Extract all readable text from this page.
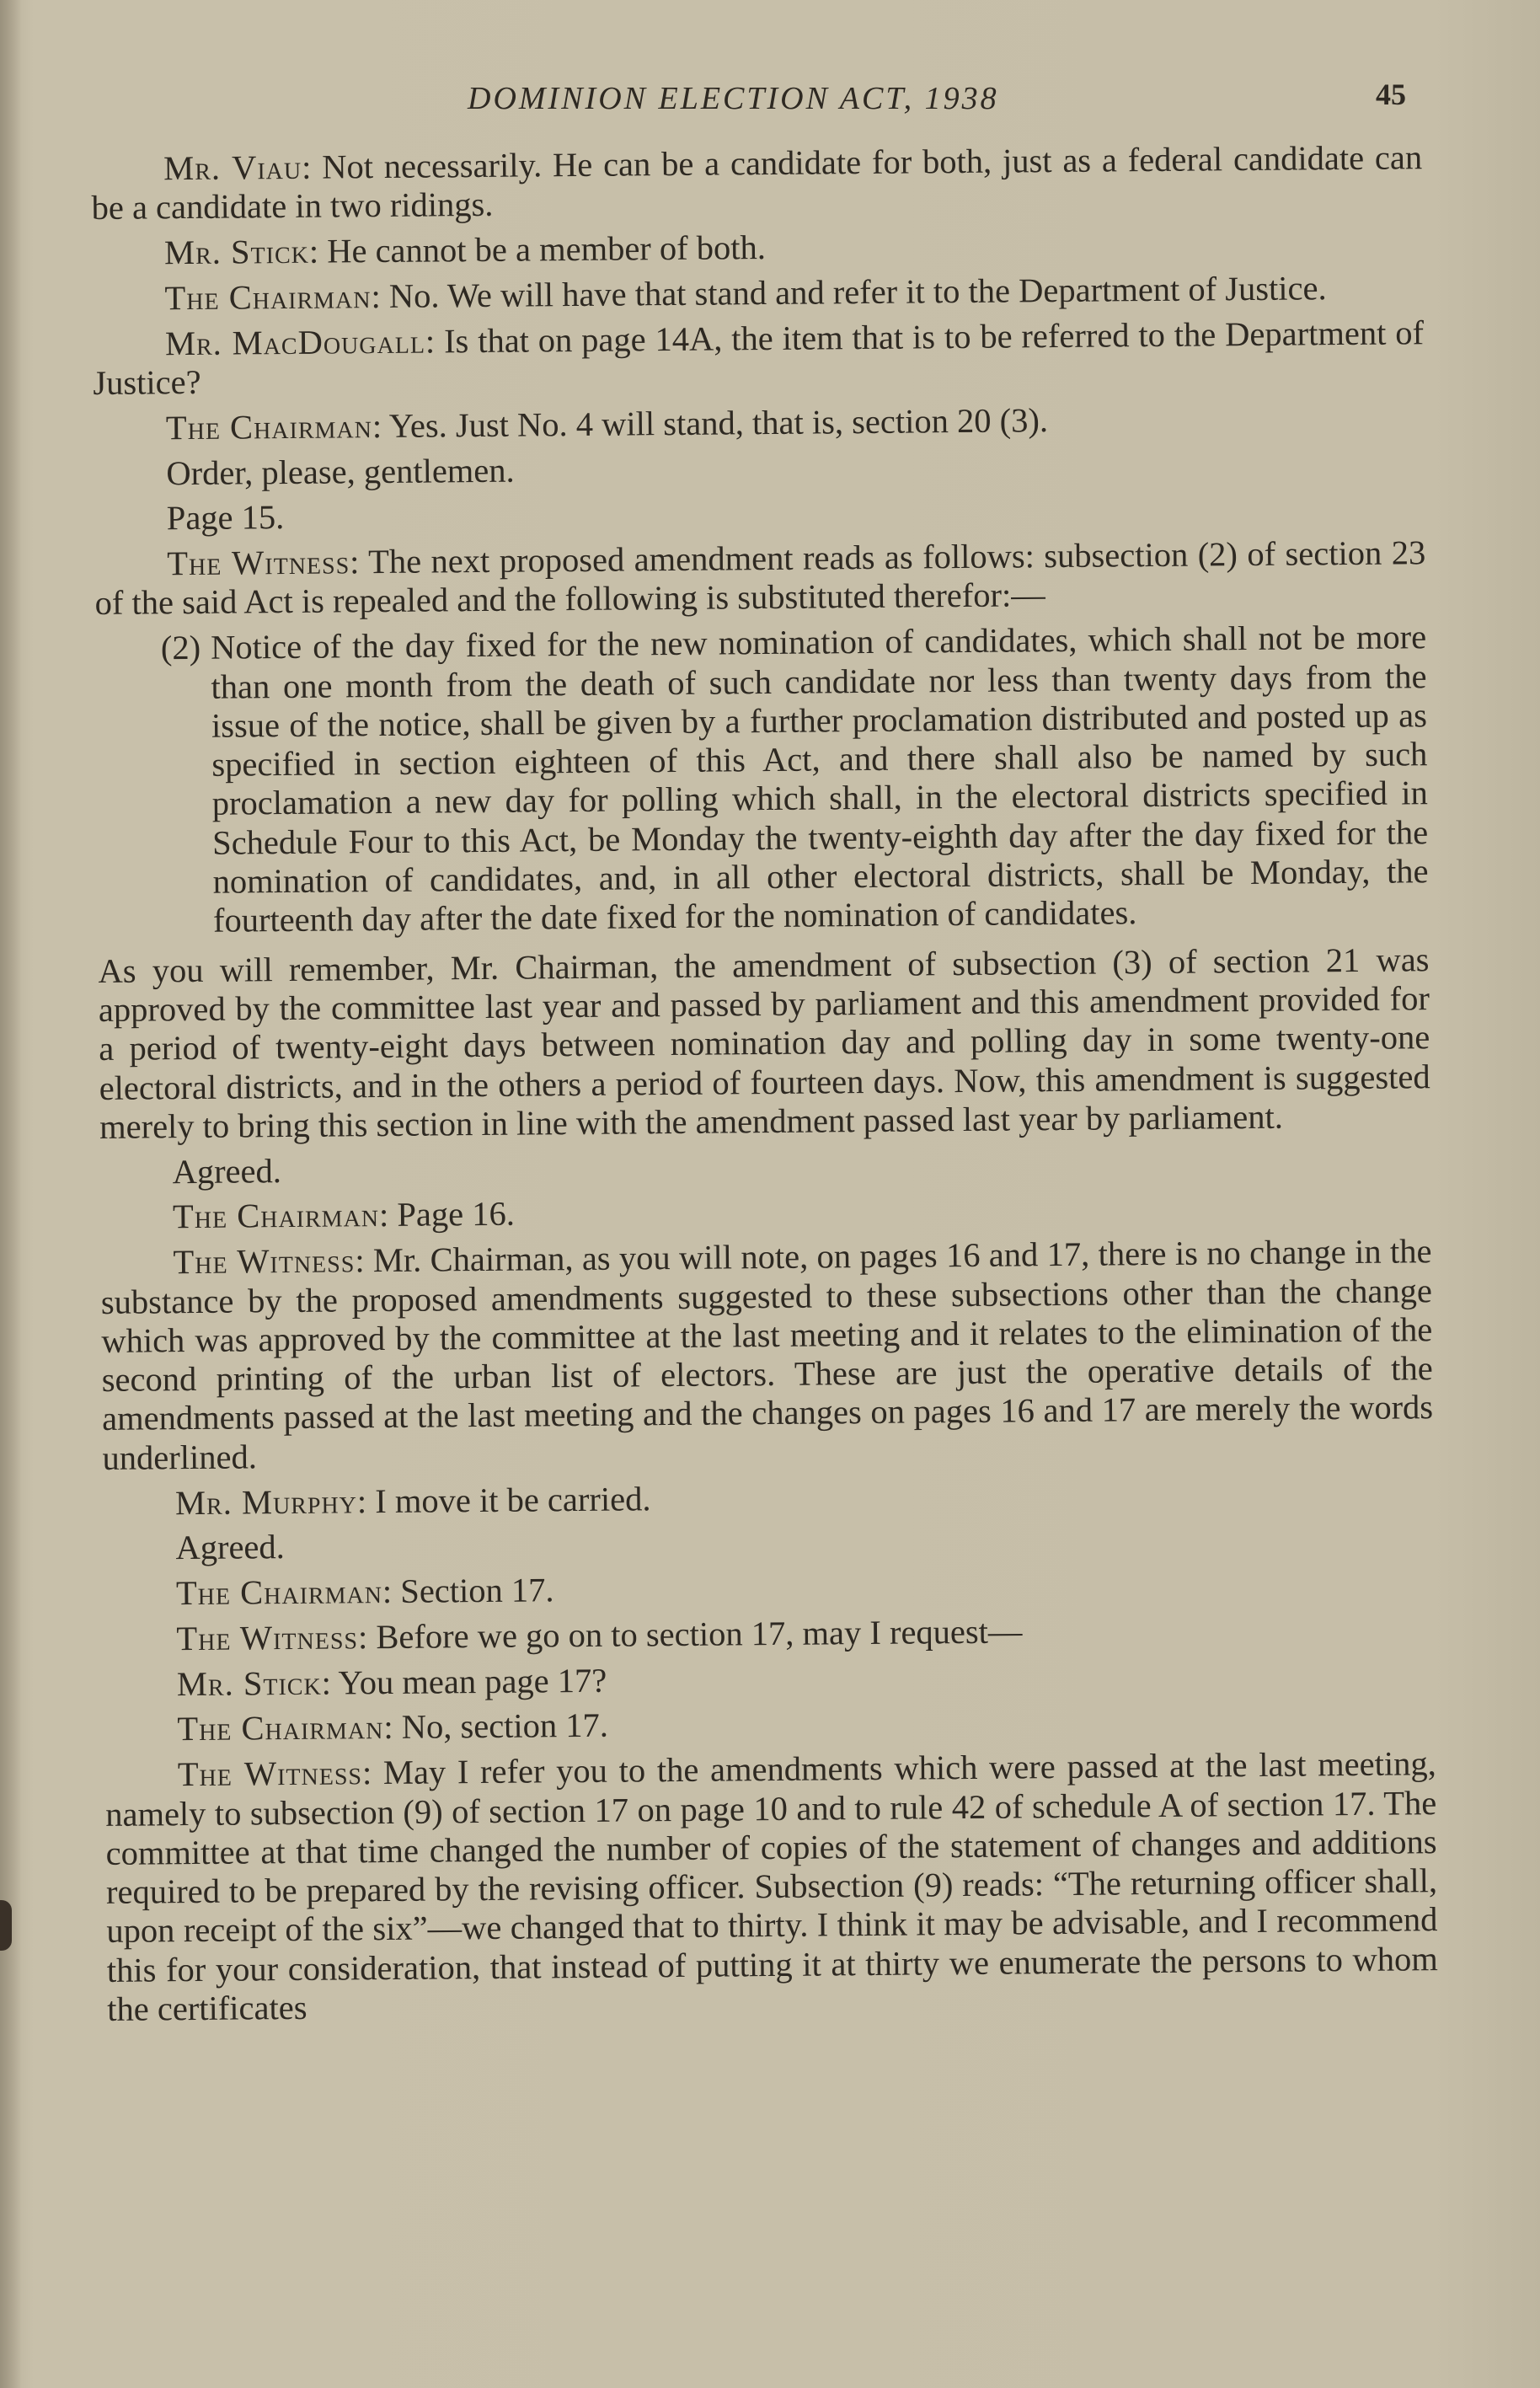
DOMINION ELECTION ACT, 1938	45

Mr. Viau: Not necessarily. He can be a candidate for both, just as a federal candidate can be a candidate in two ridings.

Mr. Stick: He cannot be a member of both.

The Chairman: No. We will have that stand and refer it to the Department of Justice.

Mr. MacDougall: Is that on page 14A, the item that is to be referred to the Department of Justice?

The Chairman: Yes. Just No. 4 will stand, that is, section 20 (3).

Order, please, gentlemen.

Page 15.

The Witness: The next proposed amendment reads as follows: subsection (2) of section 23 of the said Act is repealed and the following is substituted therefor:—

(2) Notice of the day fixed for the new nomination of candidates, which shall not be more than one month from the death of such candidate nor less than twenty days from the issue of the notice, shall be given by a further proclamation distributed and posted up as specified in section eighteen of this Act, and there shall also be named by such proclamation a new day for polling which shall, in the electoral districts specified in Schedule Four to this Act, be Monday the twenty-eighth day after the day fixed for the nomination of candidates, and, in all other electoral districts, shall be Monday, the fourteenth day after the date fixed for the nomination of candidates.

As you will remember, Mr. Chairman, the amendment of subsection (3) of section 21 was approved by the committee last year and passed by parliament and this amendment provided for a period of twenty-eight days between nomination day and polling day in some twenty-one electoral districts, and in the others a period of fourteen days. Now, this amendment is suggested merely to bring this section in line with the amendment passed last year by parliament.

Agreed.

The Chairman: Page 16.

The Witness: Mr. Chairman, as you will note, on pages 16 and 17, there is no change in the substance by the proposed amendments suggested to these subsections other than the change which was approved by the committee at the last meeting and it relates to the elimination of the second printing of the urban list of electors. These are just the operative details of the amendments passed at the last meeting and the changes on pages 16 and 17 are merely the words underlined.

Mr. Murphy: I move it be carried.

Agreed.

The Chairman: Section 17.

The Witness: Before we go on to section 17, may I request—

Mr. Stick: You mean page 17?

The Chairman: No, section 17.

The Witness: May I refer you to the amendments which were passed at the last meeting, namely to subsection (9) of section 17 on page 10 and to rule 42 of schedule A of section 17. The committee at that time changed the number of copies of the statement of changes and additions required to be prepared by the revising officer. Subsection (9) reads: “The returning officer shall, upon receipt of the six”—we changed that to thirty. I think it may be advisable, and I recommend this for your consideration, that instead of putting it at thirty we enumerate the persons to whom the certificates
